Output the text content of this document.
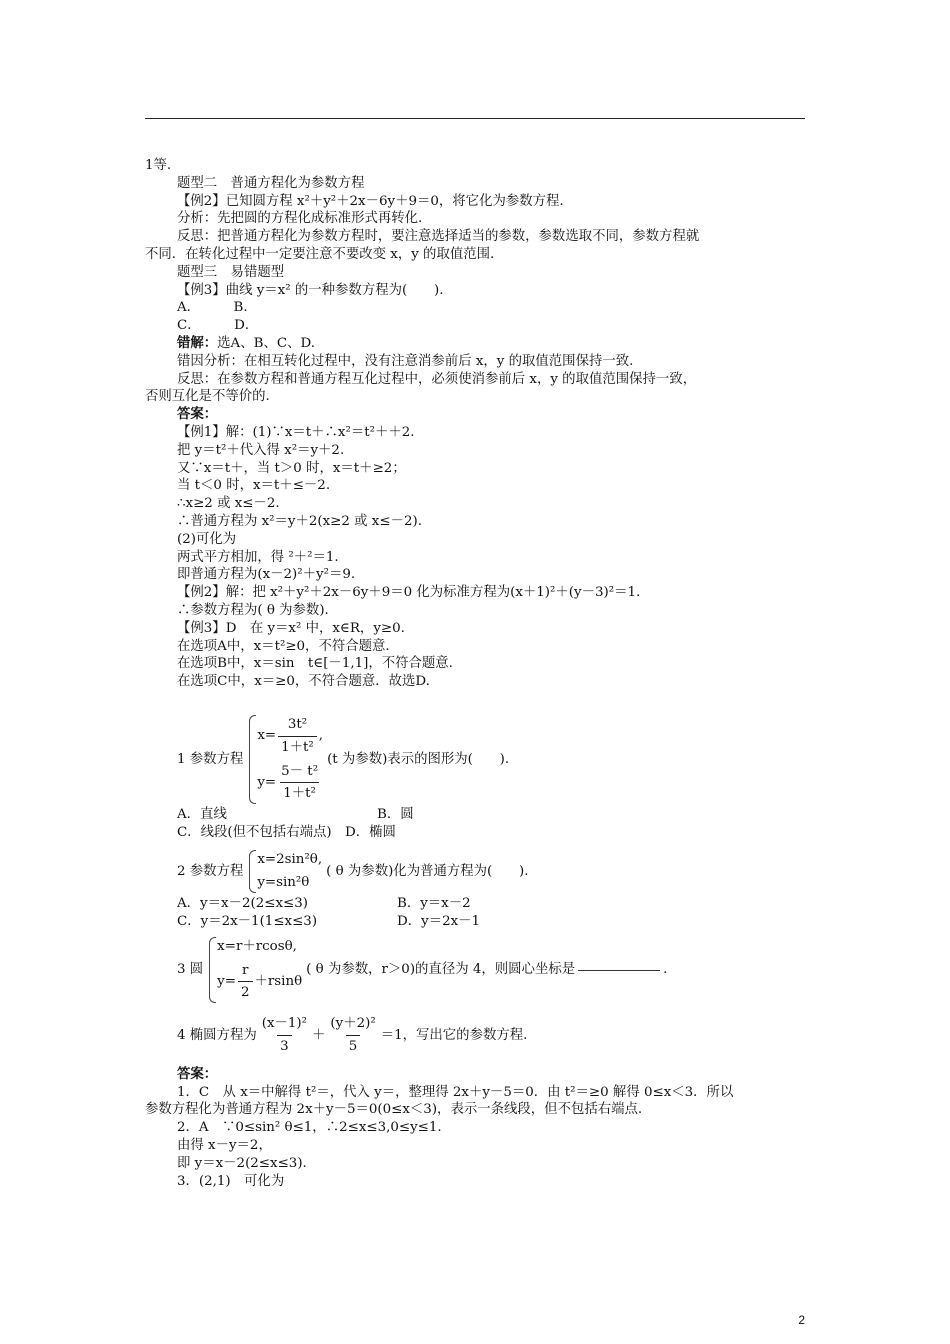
1等.
题型二　普通方程化为参数方程
【例2】已知圆方程 x²＋y²＋2x－6y＋9＝0，将它化为参数方程.
分析：先把圆的方程化成标准形式再转化.
反思：把普通方程化为参数方程时，要注意选择适当的参数，参数选取不同，参数方程就
不同．在转化过程中一定要注意不要改变 x，y 的取值范围.
题型三　易错题型
【例3】曲线 y＝x² 的一种参数方程为(　　).
A．　　　B．
C．　　　D．
错解：选A、B、C、D.
错因分析：在相互转化过程中，没有注意消参前后 x，y 的取值范围保持一致.
反思：在参数方程和普通方程互化过程中，必须使消参前后 x，y 的取值范围保持一致，
否则互化是不等价的.
答案：
【例1】解：(1)∵x＝t＋∴x²＝t²＋＋2.
把 y＝t²＋代入得 x²＝y＋2.
又∵x＝t＋，当 t＞0 时，x＝t＋≥2；
当 t＜0 时，x＝t＋≤－2.
∴x≥2 或 x≤－2.
∴普通方程为 x²＝y＋2(x≥2 或 x≤－2).
(2)可化为
两式平方相加，得 ²＋²＝1.
即普通方程为(x－2)²＋y²＝9.
【例2】解：把 x²＋y²＋2x－6y＋9＝0 化为标准方程为(x＋1)²＋(y－3)²＝1.
∴参数方程为( θ 为参数).
【例3】D　在 y＝x² 中，x∈R，y≥0.
在选项A中，x＝t²≥0，不符合题意.
在选项B中，x＝sin　t∈[－1,1]，不符合题意.
在选项C中，x＝≥0，不符合题意．故选D.
1 参数方程
$x= \frac{\text{3t²}}{\text{1＋t²}}$ ,
$y= \frac{\text{5－ t²}}{\text{1＋t²}}$
(t 为参数)表示的图形为(　　).
A．直线	B．圆
C．线段(但不包括右端点)　 D．椭圆
2 参数方程
x=2sin²θ,
y=sin²θ
( θ 为参数)化为普通方程为(　　).
A．y＝x－2(2≤x≤3)	B．y＝x－2
C．y＝2x－1(1≤x≤3)	D．y＝2x－1
3 圆
x=r＋rcosθ,
$y= \frac{r}{2} +rsin\theta$
( θ 为参数，r＞0)的直径为 4，则圆心坐标是	.
4 椭圆方程为 $\frac{\text{(x－1)²}}{3} + \frac{\text{(y＋2)²}}{5} =1$，写出它的参数方程.
答案：
1．C　从 x＝中解得 t²＝，代入 y＝，整理得 2x＋y－5＝0．由 t²＝≥0 解得 0≤x＜3．所以
参数方程化为普通方程为 2x＋y－5＝0(0≤x＜3)，表示一条线段，但不包括右端点.
2．A　∵0≤sin² θ≤1，∴2≤x≤3,0≤y≤1.
由得 x－y＝2，
即 y＝x－2(2≤x≤3).
3．(2,1)　可化为
2
